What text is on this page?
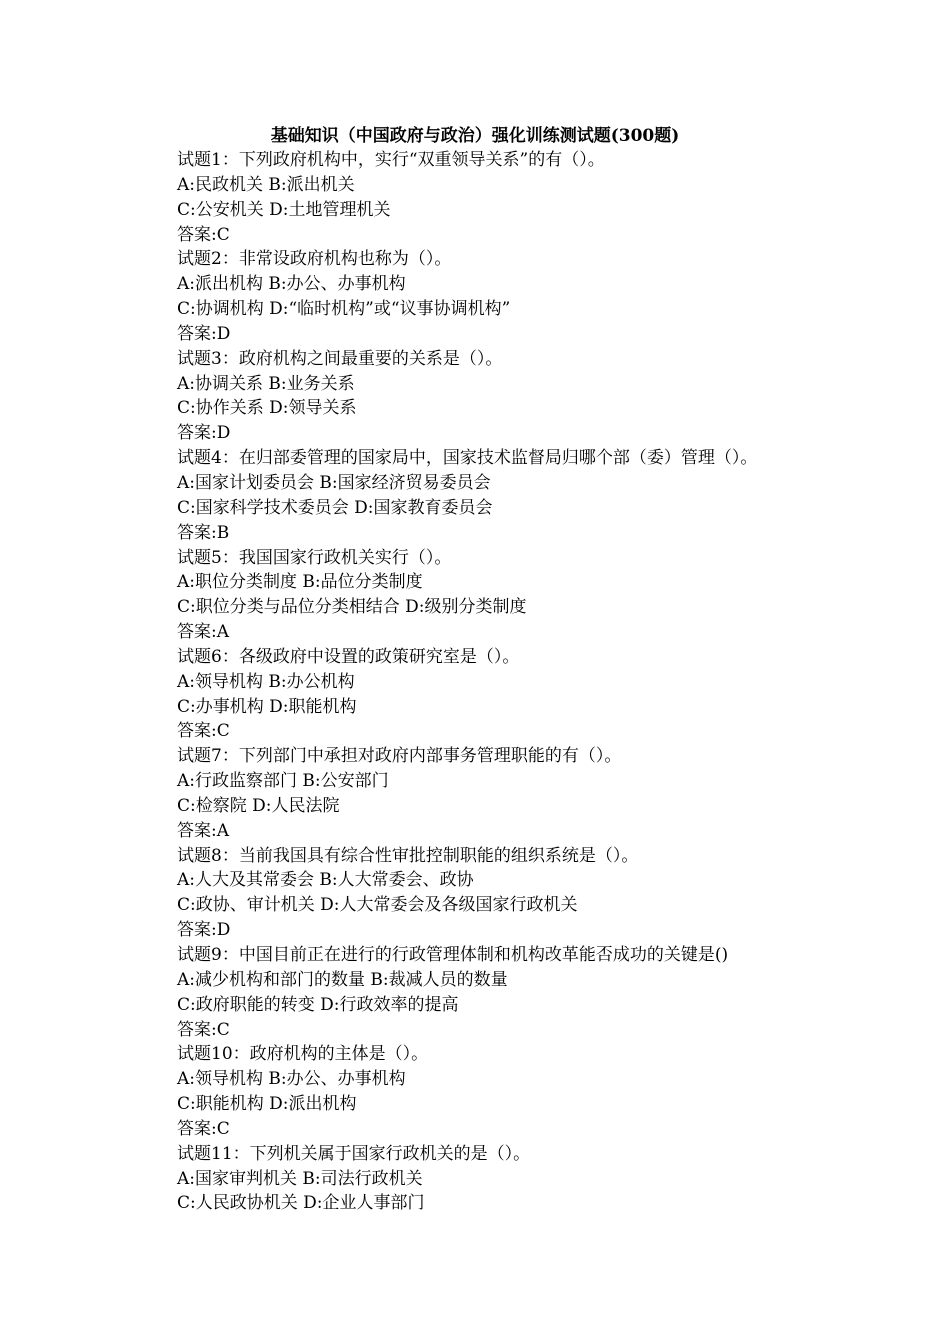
基础知识（中国政府与政治）强化训练测试题(300题)
试题1：下列政府机构中，实行“双重领导关系”的有（）。
A:民政机关 B:派出机关
C:公安机关 D:土地管理机关
答案:C
试题2：非常设政府机构也称为（）。
A:派出机构 B:办公、办事机构
C:协调机构 D:“临时机构”或“议事协调机构”
答案:D
试题3：政府机构之间最重要的关系是（）。
A:协调关系 B:业务关系
C:协作关系 D:领导关系
答案:D
试题4：在归部委管理的国家局中，国家技术监督局归哪个部（委）管理（）。
A:国家计划委员会 B:国家经济贸易委员会
C:国家科学技术委员会 D:国家教育委员会
答案:B
试题5：我国国家行政机关实行（）。
A:职位分类制度 B:品位分类制度
C:职位分类与品位分类相结合 D:级别分类制度
答案:A
试题6：各级政府中设置的政策研究室是（）。
A:领导机构 B:办公机构
C:办事机构 D:职能机构
答案:C
试题7：下列部门中承担对政府内部事务管理职能的有（）。
A:行政监察部门 B:公安部门
C:检察院 D:人民法院
答案:A
试题8：当前我国具有综合性审批控制职能的组织系统是（）。
A:人大及其常委会 B:人大常委会、政协
C:政协、审计机关 D:人大常委会及各级国家行政机关
答案:D
试题9：中国目前正在进行的行政管理体制和机构改革能否成功的关键是()
A:减少机构和部门的数量 B:裁减人员的数量
C:政府职能的转变 D:行政效率的提高
答案:C
试题10：政府机构的主体是（）。
A:领导机构 B:办公、办事机构
C:职能机构 D:派出机构
答案:C
试题11：下列机关属于国家行政机关的是（）。
A:国家审判机关 B:司法行政机关
C:人民政协机关 D:企业人事部门
